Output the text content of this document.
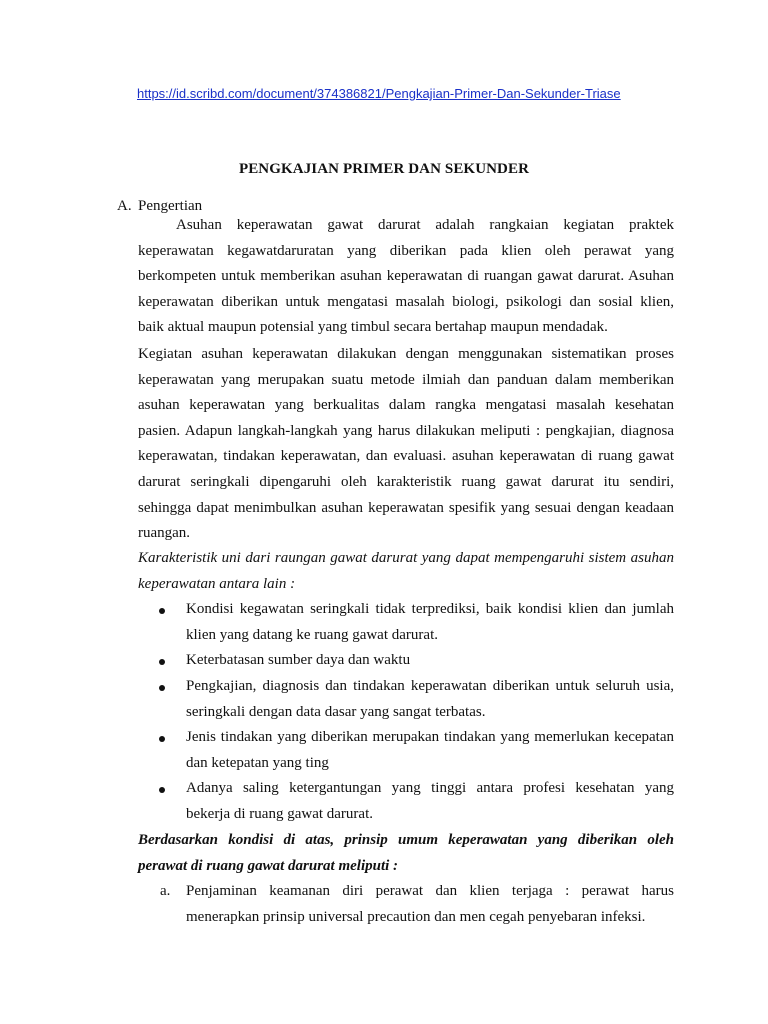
https://id.scribd.com/document/374386821/Pengkajian-Primer-Dan-Sekunder-Triase
PENGKAJIAN PRIMER DAN SEKUNDER
A. Pengertian
Asuhan keperawatan gawat darurat adalah rangkaian kegiatan praktek
keperawatan kegawatdaruratan yang diberikan pada klien oleh perawat yang
berkompeten untuk memberikan asuhan keperawatan di ruangan gawat darurat. Asuhan
keperawatan diberikan untuk mengatasi masalah biologi, psikologi dan sosial klien,
baik aktual maupun potensial yang timbul secara bertahap maupun mendadak.
Kegiatan asuhan keperawatan dilakukan dengan menggunakan sistematikan proses
keperawatan yang merupakan suatu metode ilmiah dan panduan dalam memberikan
asuhan keperawatan yang berkualitas dalam rangka mengatasi masalah kesehatan
pasien. Adapun langkah-langkah yang harus dilakukan meliputi : pengkajian, diagnosa
keperawatan, tindakan keperawatan, dan evaluasi. asuhan keperawatan di ruang gawat
darurat seringkali dipengaruhi oleh karakteristik ruang gawat darurat itu sendiri,
sehingga dapat menimbulkan asuhan keperawatan spesifik yang sesuai dengan keadaan
ruangan.
Karakteristik uni dari raungan gawat darurat yang dapat mempengaruhi sistem asuhan
keperawatan antara lain :
Kondisi kegawatan seringkali tidak terprediksi, baik kondisi klien dan jumlah
klien yang datang ke ruang gawat darurat.
Keterbatasan sumber daya dan waktu
Pengkajian, diagnosis dan tindakan keperawatan diberikan untuk seluruh usia,
seringkali dengan data dasar yang sangat terbatas.
Jenis tindakan yang diberikan merupakan tindakan yang memerlukan kecepatan
dan ketepatan yang ting
Adanya saling ketergantungan yang tinggi antara profesi kesehatan yang
bekerja di ruang gawat darurat.
Berdasarkan kondisi di atas, prinsip umum keperawatan yang diberikan oleh
perawat di ruang gawat darurat meliputi :
a. Penjaminan keamanan diri perawat dan klien terjaga : perawat harus
menerapkan prinsip universal precaution dan men cegah penyebaran infeksi.
